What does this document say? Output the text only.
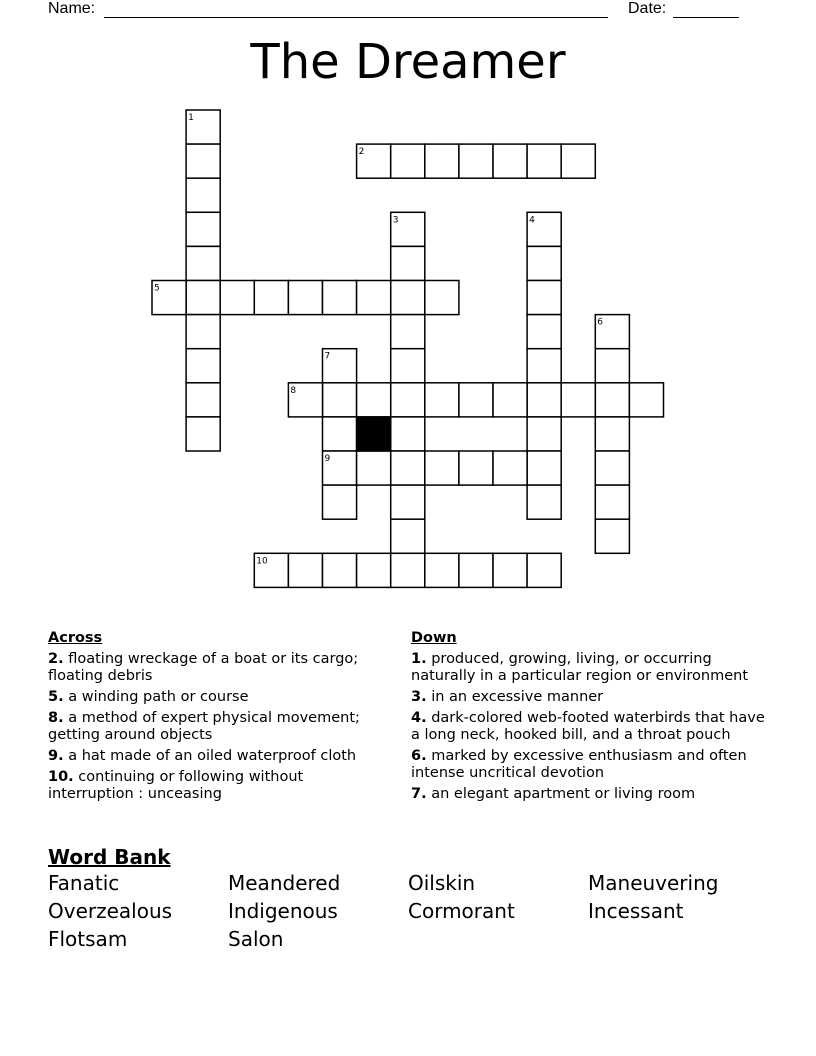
Name:	Date:
The Dreamer
1
2
3	4
5
6
7
8
9
10
Across
2. floating wreckage of a boat or its cargo; floating debris
5. a winding path or course
8. a method of expert physical movement; getting around objects
9. a hat made of an oiled waterproof cloth
10. continuing or following without interruption : unceasing
Down
1. produced, growing, living, or occurring naturally in a particular region or environment
3. in an excessive manner
4. dark-colored web-footed waterbirds that have a long neck, hooked bill, and a throat pouch
6. marked by excessive enthusiasm and often intense uncritical devotion
7. an elegant apartment or living room
Word Bank
Fanatic	Meandered	Oilskin	Maneuvering
Overzealous	Indigenous	Cormorant	Incessant
Flotsam	Salon
